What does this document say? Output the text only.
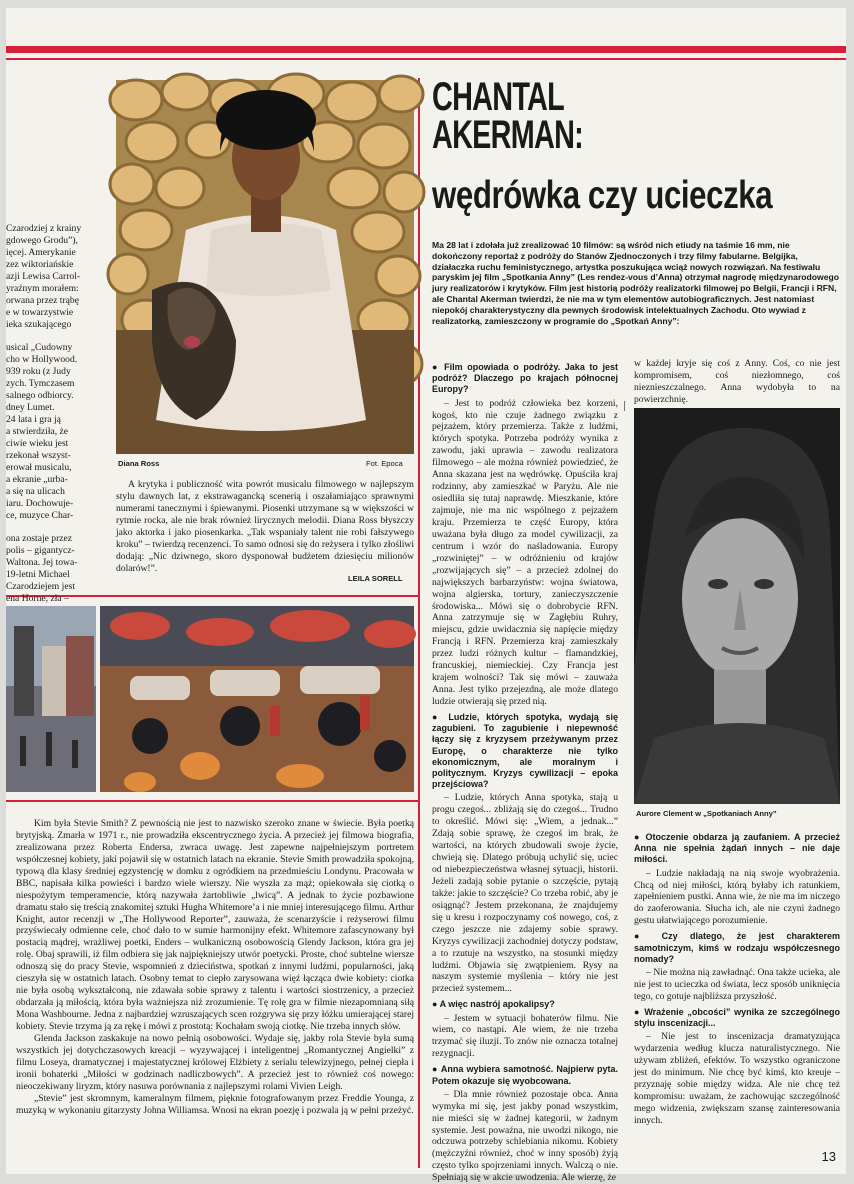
Czarodziej z krainy

gdowego Grodu”),

ięcej. Amerykanie

zez wiktoriańskie

azji Lewisa Carrol-

yraźnym morałem:

orwana przez trąbę

e w towarzystwie

ieka szukającego

usical „Cudowny

cho w Hollywood.

939 roku (z Judy

zych. Tymczasem

salnego odbiorcy.

dney Lumet.

24 lata i gra ją

a stwierdziła, że

ciwie wieku jest

rzekonał wszyst-

erował musicalu,

a ekranie „urba-

a się na ulicach

iaru. Dochowuje-

ce, muzyce Char-

ona zostaje przez

polis – gigantycz-

Waltona. Jej towa-

19-letni Michael

Czarodziejem jest

ena Horne, zła –

Diana Ross	Fot. Epoca
A krytyka i publiczność wita powrót musicalu filmowego w najlepszym stylu dawnych lat, z ekstrawagancką scenerią i oszałamiająco sprawnymi numerami tanecznymi i śpiewanymi. Piosenki utrzymane są w większości w rytmie rocka, ale nie brak również lirycznych melodii. Diana Ross błyszczy jako aktorka i jako piosenkarka. „Tak wspaniały talent nie robi fałszywego kroku” – twierdzą recenzenci. To samo odnosi się do reżysera i tylko złośliwi dodają: „Nic dziwnego, skoro dysponował budżetem dziesięciu milionów dolarów!”.
LEILA SORELL

Kim była Stevie Smith? Z pewnością nie jest to nazwisko szeroko znane w świecie. Była poetką brytyjską. Zmarła w 1971 r., nie prowadziła ekscentrycznego życia. A przecież jej filmowa biografia, zrealizowana przez Roberta Endersa, zwraca uwagę. Jest zapewne najpełniejszym portretem współczesnej kobiety, jaki pojawił się w ostatnich latach na ekranie. Stevie Smith prowadziła spokojną, typową dla klasy średniej egzystencję w domku z ogródkiem na przedmieściu Londynu. Pracowała w BBC, napisała kilka powieści i bardzo wiele wierszy. Nie wyszła za mąż; opiekowała się ciotką o niespożytym temperamencie, którą nazywała żartobliwie „lwicą”. A jednak to życie pozbawione dramatu stało się treścią znakomitej sztuki Hugha Whitemore’a i nie mniej interesującego filmu. Arthur Knight, autor recenzji w „The Hollywood Reporter”, zauważa, że scenarzyście i reżyserowi filmu przyświecały odmienne cele, choć dało to w sumie harmonijny efekt. Whitemore zafascynowany był postacią mądrej, wrażliwej poetki, Enders – wulkaniczną osobowością Glendy Jackson, która gra jej rolę. Obaj sprawili, iż film odbiera się jak najpiękniejszy utwór poetycki. Proste, choć subtelne wiersze odnoszą się do pracy Stevie, wspomnień z dzieciństwa, spotkań z innymi ludźmi, popularności, jaką cieszyła się w ostatnich latach. Osobny temat to ciepło zarysowana więź łącząca dwie kobiety: ciotka nie była osobą wykształconą, nie zdawała sobie sprawy z talentu i wartości siostrzenicy, a przecież obdarzała ją miłością, która była ważniejsza niż zrozumienie. Tę rolę gra w filmie niezapomnianą siłą Mona Washbourne. Jedna z najbardziej wzruszających scen rozgrywa się przy łóżku umierającej starej kobiety. Stevie trzyma ją za rękę i mówi z prostotą: Kochałam swoją ciotkę. Nie trzeba innych słów.

Glenda Jackson zaskakuje na nowo pełnią osobowości. Wydaje się, jakby rola Stevie była sumą wszystkich jej dotychczasowych kreacji – wyzywającej i inteligentnej „Romantycznej Angielki” z filmu Loseya, dramatycznej i majestatycznej królowej Elżbiety z serialu telewizyjnego, pełnej ciepła i ironii bohaterki „Miłości w godzinach nadliczbowych”. A przecież jest to również coś nowego: nieoczekiwany liryzm, który nasuwa porównania z najlepszymi rolami Vivien Leigh.

„Stevie” jest skromnym, kameralnym filmem, pięknie fotografowanym przez Freddie Younga, z muzyką w wykonaniu gitarzysty Johna Williamsa. Wnosi na ekran poezję i pozwala ją w pełni przeżyć.

CHANTAL
AKERMAN:
wędrówka czy ucieczka
Ma 28 lat i zdołała już zrealizować 10 filmów: są wśród nich etiudy na taśmie 16 mm, nie dokończony reportaż z podróży do Stanów Zjednoczonych i trzy filmy fabularne. Belgijka, działaczka ruchu feministycznego, artystka poszukująca wciąż nowych rozwiązań. Na festiwalu paryskim jej film „Spotkania Anny” (Les rendez-vous d’Anna) otrzymał nagrodę międzynarodowego jury realizatorów i krytyków. Film jest historią podróży realizatorki filmowej po Belgii, Francji i RFN, ale Chantal Akerman twierdzi, że nie ma w tym elementów autobiograficznych. Jest natomiast niepokój charakterystyczny dla pewnych środowisk intelektualnych Zachodu. Oto wywiad z realizatorką, zamieszczony w programie do „Spotkań Anny”:

● Film opowiada o podróży. Jaka to jest podróż? Dlaczego po krajach północnej Europy?

– Jest to podróż człowieka bez korzeni, kogoś, kto nie czuje żadnego związku z pejzażem, który przemierza. Także z ludźmi, których spotyka. Potrzeba podróży wynika z zawodu, jaki uprawia – zawodu realizatora filmowego – ale można również powiedzieć, że Anna skazana jest na wędrówkę. Opuściła kraj rodzinny, aby zamieszkać w Paryżu. Ale nie osiedliła się tutaj naprawdę. Mieszkanie, które zajmuje, nie ma nic wspólnego z pejzażem kraju. Przemierza te część Europy, która uważana była długo za model cywilizacji, za centrum i wzór do naśladowania. Europy „rozwiniętej” – w odróżnieniu od krajów „rozwijających się” – a przecież zdolnej do największych barbarzyństw: wojna światowa, wojna algierska, tortury, zanieczyszczenie środowiska... Mówi się o dobrobycie RFN. Anna zatrzymuje się w Zagłębiu Ruhry, miejscu, gdzie uwidacznia się napięcie między Francją i RFN. Przemierza kraj zamieszkały przez ludzi różnych kultur – flamandzkiej, francuskiej, niemieckiej. Czy Francja jest krajem wolności? Tak się mówi – zauważa Anna. Jest tylko przejezdną, ale może dlatego ludzie otwierają się przed nią.

● Ludzie, których spotyka, wydają się zagubieni. To zagubienie i niepewność łączy się z kryzysem przeżywanym przez Europę, o charakterze nie tylko ekonomicznym, ale moralnym i politycznym. Kryzys cywilizacji – epoka przejściowa?

– Ludzie, których Anna spotyka, stają u progu czegoś... zbliżają się do czegoś... Trudno to określić. Mówi się: „Wiem, a jednak...” Zdają sobie sprawę, że czegoś im brak, że wartości, na których zbudowali swoje życie, chwieją się. Dlatego próbują uchylić się, uciec od niebezpieczeństwa własnej sytuacji, historii. Jeżeli zadają sobie pytanie o szczęście, pytają także: jakie to szczęście? Co trzeba robić, aby je osiągnąć? Jestem przekonana, że znajdujemy się u kresu i rozpoczynamy coś nowego, coś, z czego jeszcze nie zdajemy sobie sprawy. Kryzys cywilizacji zachodniej dotyczy podstaw, a to rzutuje na wszystko, na stosunki między ludźmi. Objawia się zwątpieniem. Rysy na naszym systemie myślenia – który nie jest przecież systemem...

● A więc nastrój apokalipsy?

– Jestem w sytuacji bohaterów filmu. Nie wiem, co nastąpi. Ale wiem, że nie trzeba trzymać się iluzji. To znów nie oznacza totalnej rezygnacji.

● Anna wybiera samotność. Najpierw pyta. Potem okazuje się wyobcowana.

– Dla mnie również pozostaje obca. Anna wymyka mi się, jest jakby ponad wszystkim, nie mieści się w żadnej kategorii, w żadnym systemie. Jest powaźna, nie uwodzi nikogo, nie odczuwa potrzeby schlebiania nikomu. Kobiety (mężczyźni również, choć w inny sposób) żyją często tylko spojrzeniami innych. Walczą o nie. Spełniają się w akcie uwodzenia. Ale wierzę, że

w każdej kryje się coś z Anny. Coś, co nie jest kompromisem, coś niezłomnego, coś nieznieszczalnego. Anna wydobyła to na powierzchnię.
Aurore Clement w „Spotkaniach Anny”

● Otoczenie obdarza ją zaufaniem. A przecież Anna nie spełnia żądań innych – nie daje miłości.

– Ludzie nakładają na nią swoje wyobrażenia. Chcą od niej miłości, którą byłaby ich ratunkiem, zapełnieniem pustki. Anna wie, że nie ma im niczego do zaoferowania. Słucha ich, ale nie czyni żadnego gestu ułatwiającego porozumienie.

● Czy dlatego, że jest charakterem samotniczym, kimś w rodzaju współczesnego nomady?

– Nie można nią zawładnąć. Ona także ucieka, ale nie jest to ucieczka od świata, lecz sposób uniknięcia tego, co gotuje najbliższa przyszłość.

● Wrażenie „obcości” wynika ze szczególnego stylu inscenizacji...

– Nie jest to inscenizacja dramatyzująca wydarzenia według klucza naturalistycznego. Nie używam zbliżeń, efektów. To wszystko ograniczone jest do minimum. Nie chcę być kimś, kto kreuje – przyznaję sobie między widza. Ale nie chcę też kompromisu: uważam, że zachowując szczególność mego widzenia, zwiększam szansę zainteresowania innych.

13
